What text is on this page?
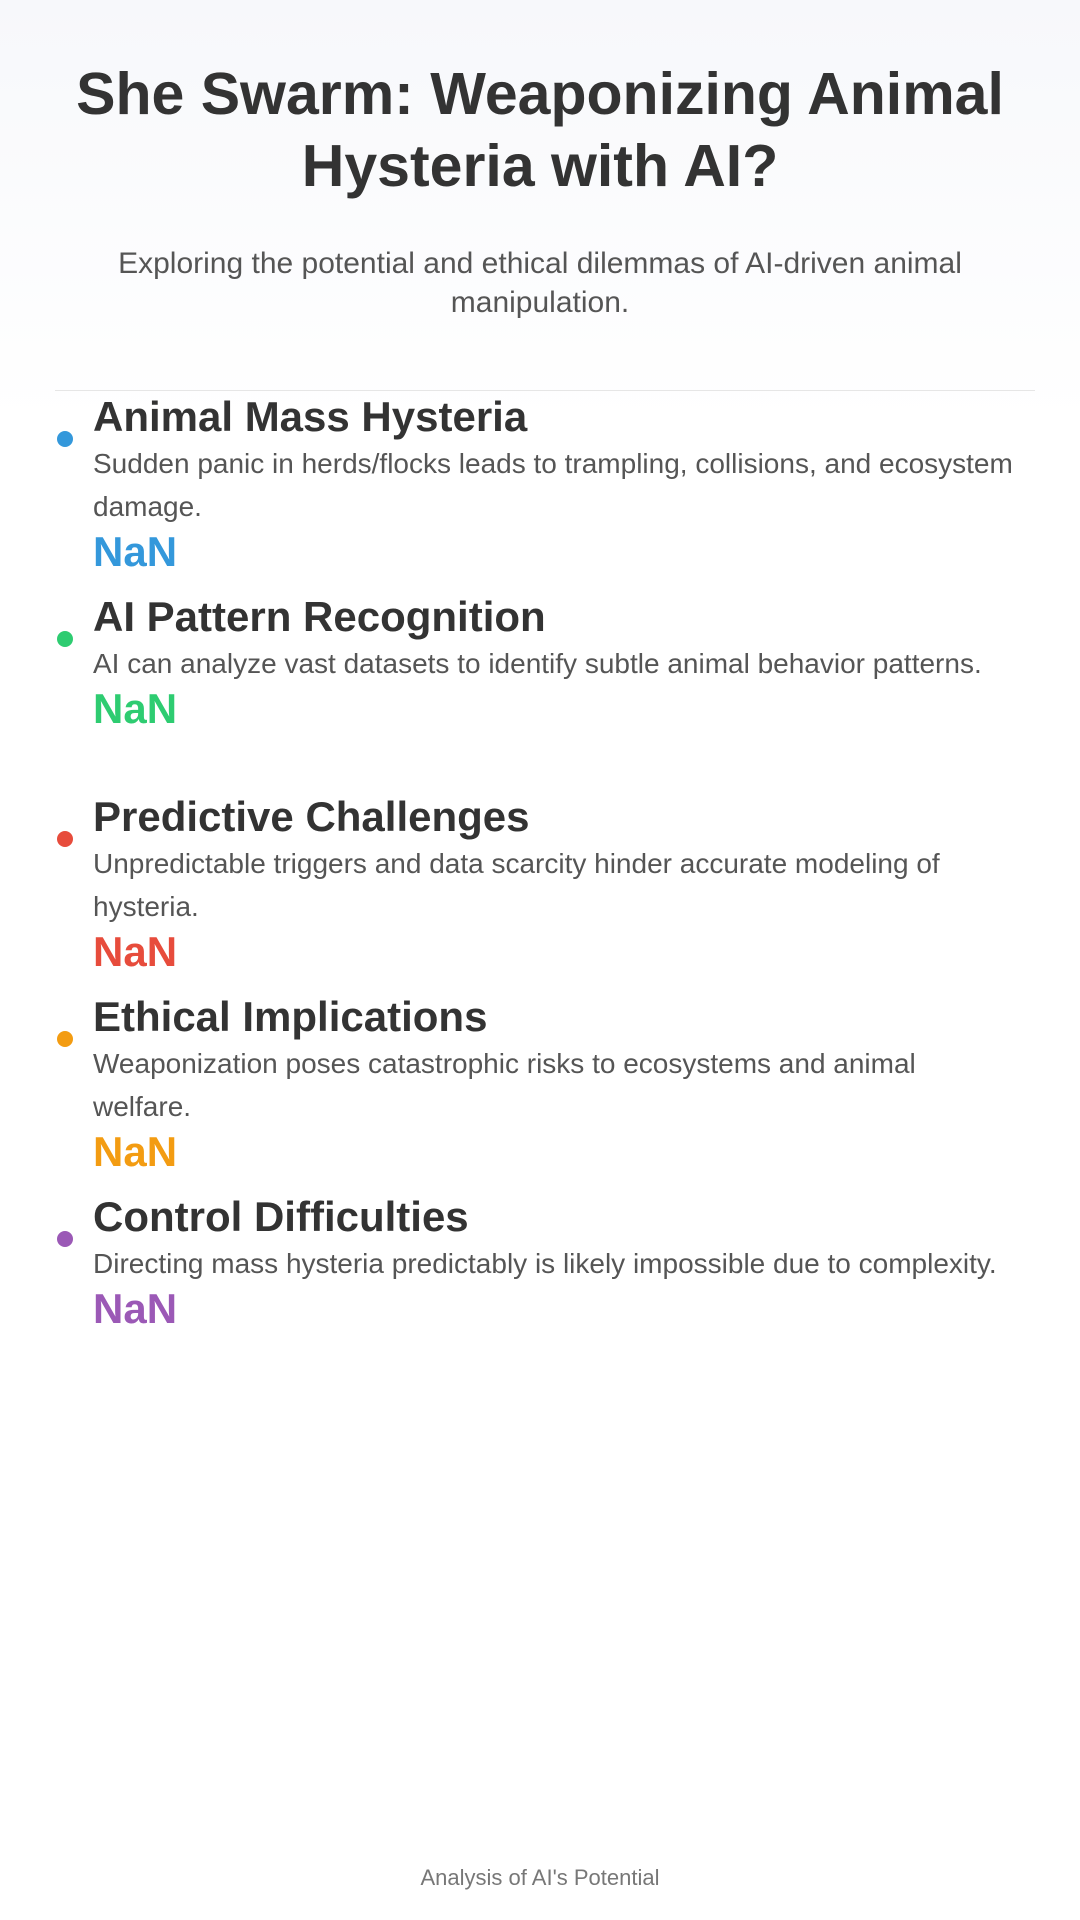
She Swarm: Weaponizing Animal Hysteria with AI?

Exploring the potential and ethical dilemmas of AI-driven animal manipulation.

Animal Mass Hysteria

Sudden panic in herds/flocks leads to trampling, collisions, and ecosystem damage.

NaN
AI Pattern Recognition

AI can analyze vast datasets to identify subtle animal behavior patterns.

NaN
Predictive Challenges

Unpredictable triggers and data scarcity hinder accurate modeling of hysteria.

NaN
Ethical Implications

Weaponization poses catastrophic risks to ecosystems and animal welfare.

NaN
Control Difficulties

Directing mass hysteria predictably is likely impossible due to complexity.

NaN
Analysis of AI's Potential
